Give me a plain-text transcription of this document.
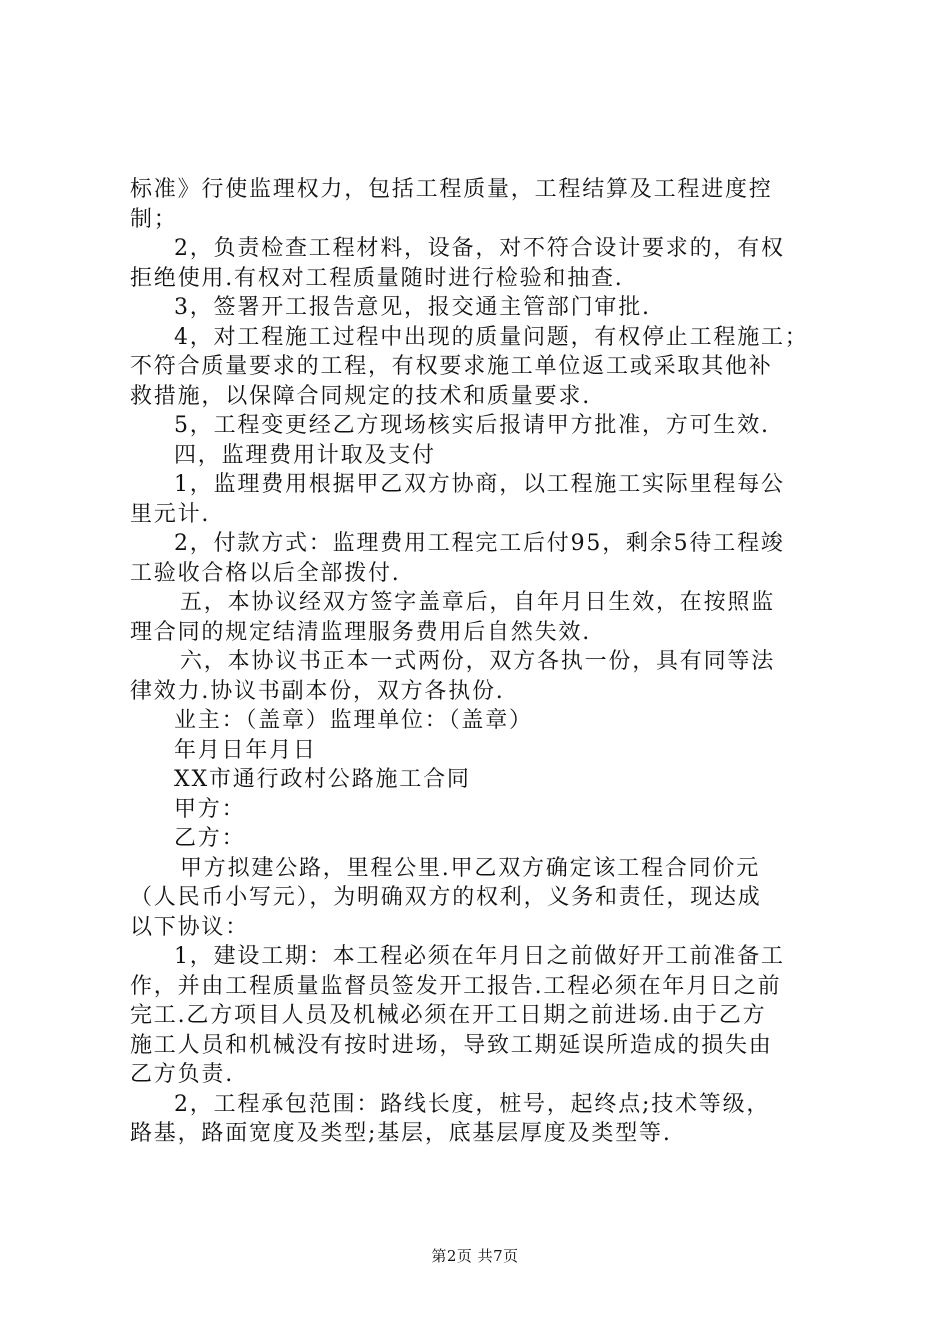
标准》行使监理权力，包括工程质量，工程结算及工程进度控
制；
2，负责检查工程材料，设备，对不符合设计要求的，有权
拒绝使用.有权对工程质量随时进行检验和抽查.
3，签署开工报告意见，报交通主管部门审批.
4，对工程施工过程中出现的质量问题，有权停止工程施工；
不符合质量要求的工程，有权要求施工单位返工或采取其他补
救措施，以保障合同规定的技术和质量要求.
5，工程变更经乙方现场核实后报请甲方批准，方可生效.
四，监理费用计取及支付
1，监理费用根据甲乙双方协商，以工程施工实际里程每公
里元计.
2，付款方式：监理费用工程完工后付95，剩余5待工程竣
工验收合格以后全部拨付.
五，本协议经双方签字盖章后，自年月日生效，在按照监
理合同的规定结清监理服务费用后自然失效.
六，本协议书正本一式两份，双方各执一份，具有同等法
律效力.协议书副本份，双方各执份.
业主：（盖章）监理单位：（盖章）
年月日年月日
XX市通行政村公路施工合同
甲方：
乙方：
甲方拟建公路，里程公里.甲乙双方确定该工程合同价元
（人民币小写元），为明确双方的权利，义务和责任，现达成
以下协议：
1，建设工期：本工程必须在年月日之前做好开工前准备工
作，并由工程质量监督员签发开工报告.工程必须在年月日之前
完工.乙方项目人员及机械必须在开工日期之前进场.由于乙方
施工人员和机械没有按时进场，导致工期延误所造成的损失由
乙方负责.
2，工程承包范围：路线长度，桩号，起终点;技术等级，
路基，路面宽度及类型;基层，底基层厚度及类型等.
第2页 共7页
